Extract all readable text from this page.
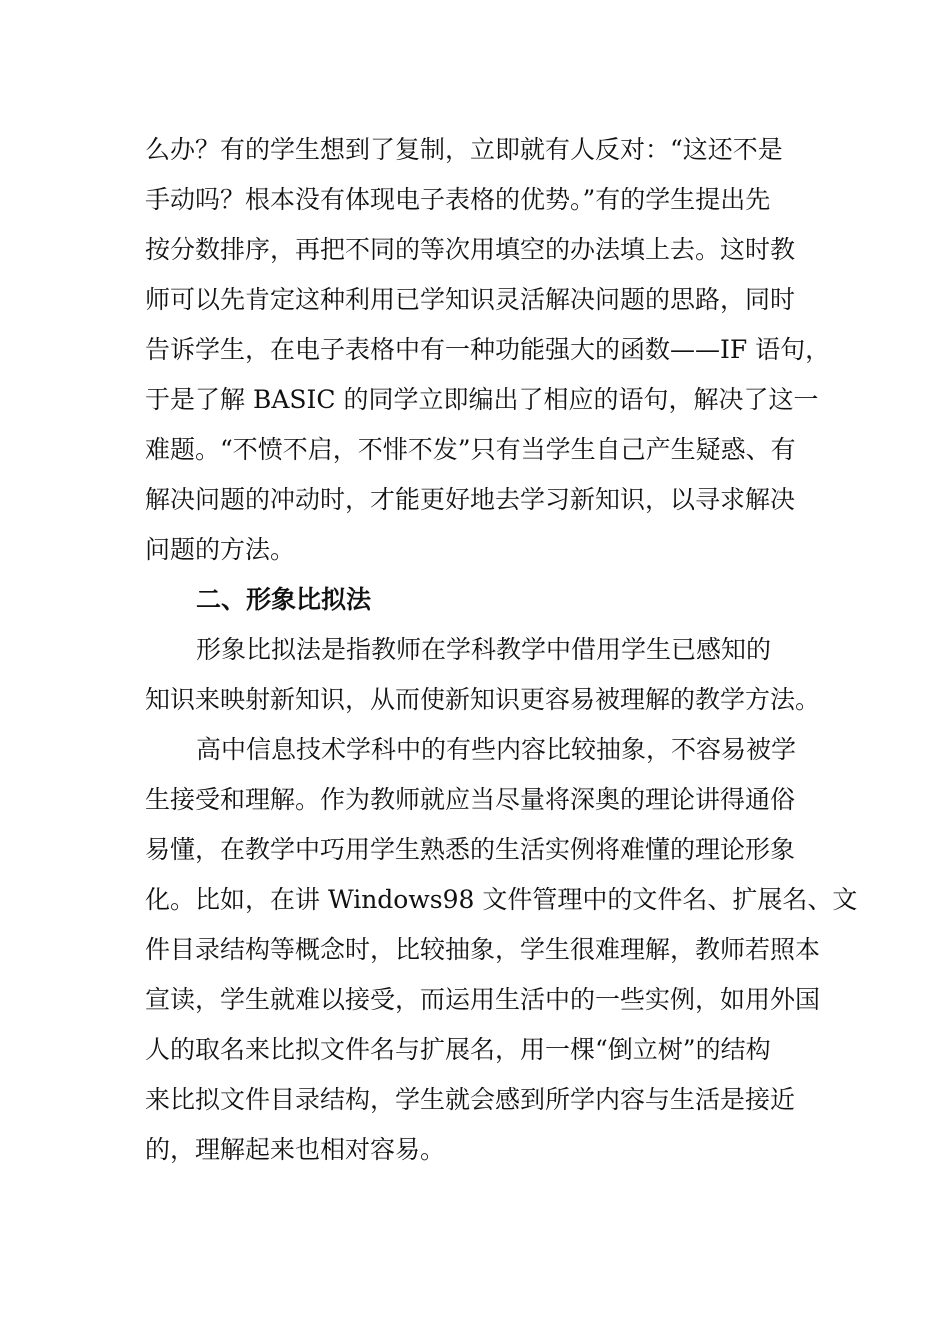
么办？有的学生想到了复制，立即就有人反对：“这还不是
手动吗？根本没有体现电子表格的优势。”有的学生提出先
按分数排序，再把不同的等次用填空的办法填上去。这时教
师可以先肯定这种利用已学知识灵活解决问题的思路，同时
告诉学生，在电子表格中有一种功能强大的函数——IF 语句，
于是了解 BASIC 的同学立即编出了相应的语句，解决了这一
难题。“不愤不启，不悱不发”只有当学生自己产生疑惑、有
解决问题的冲动时，才能更好地去学习新知识，以寻求解决
问题的方法。
二、形象比拟法
形象比拟法是指教师在学科教学中借用学生已感知的
知识来映射新知识，从而使新知识更容易被理解的教学方法。
高中信息技术学科中的有些内容比较抽象，不容易被学
生接受和理解。作为教师就应当尽量将深奥的理论讲得通俗
易懂，在教学中巧用学生熟悉的生活实例将难懂的理论形象
化。比如，在讲 Windows98 文件管理中的文件名、扩展名、文
件目录结构等概念时，比较抽象，学生很难理解，教师若照本
宣读，学生就难以接受，而运用生活中的一些实例，如用外国
人的取名来比拟文件名与扩展名，用一棵“倒立树”的结构
来比拟文件目录结构，学生就会感到所学内容与生活是接近
的，理解起来也相对容易。
